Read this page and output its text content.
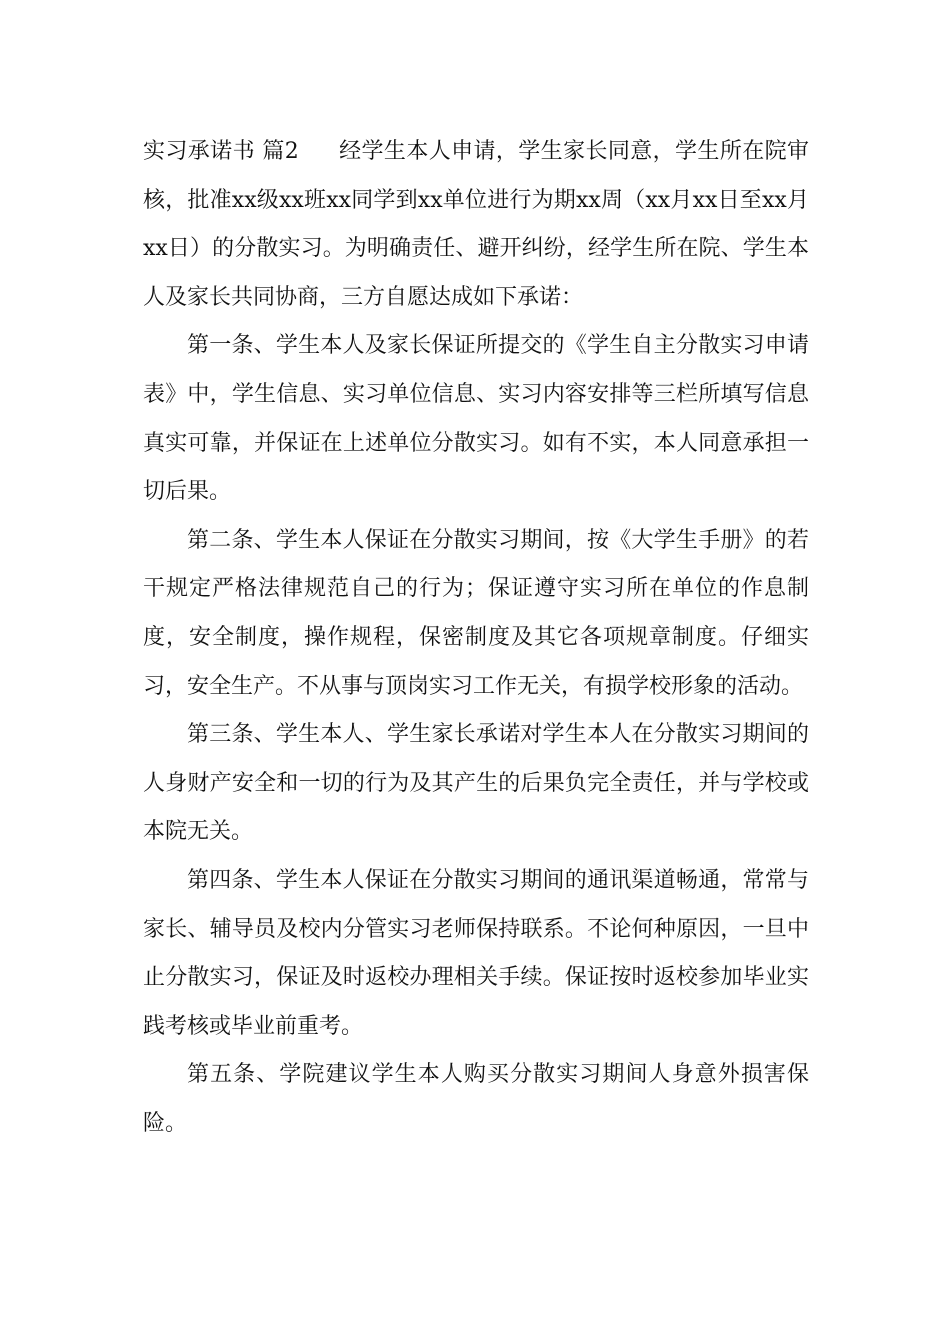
实习承诺书 篇2 经学生本人申请，学生家长同意，学生所在院审核，批准xx级xx班xx同学到xx单位进行为期xx周（xx月xx日至xx月xx日）的分散实习。为明确责任、避开纠纷，经学生所在院、学生本人及家长共同协商，三方自愿达成如下承诺：

第一条、学生本人及家长保证所提交的《学生自主分散实习申请表》中，学生信息、实习单位信息、实习内容安排等三栏所填写信息真实可靠，并保证在上述单位分散实习。如有不实，本人同意承担一切后果。

第二条、学生本人保证在分散实习期间，按《大学生手册》的若干规定严格法律规范自己的行为；保证遵守实习所在单位的作息制度，安全制度，操作规程，保密制度及其它各项规章制度。仔细实习，安全生产。不从事与顶岗实习工作无关，有损学校形象的活动。

第三条、学生本人、学生家长承诺对学生本人在分散实习期间的人身财产安全和一切的行为及其产生的后果负完全责任，并与学校或本院无关。

第四条、学生本人保证在分散实习期间的通讯渠道畅通，常常与家长、辅导员及校内分管实习老师保持联系。不论何种原因，一旦中止分散实习，保证及时返校办理相关手续。保证按时返校参加毕业实践考核或毕业前重考。

第五条、学院建议学生本人购买分散实习期间人身意外损害保险。
